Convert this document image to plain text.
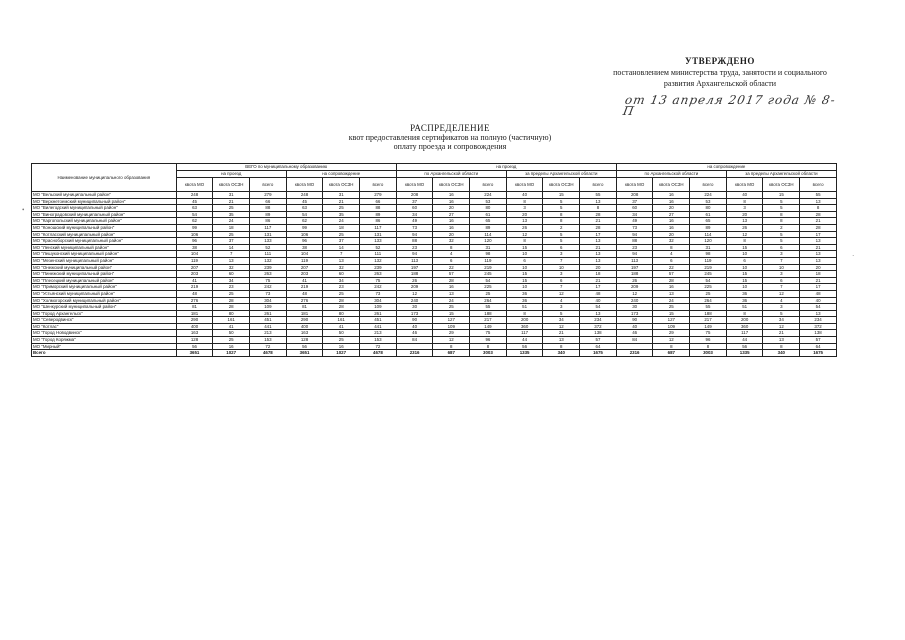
УТВЕРЖДЕНО
постановлением министерства труда, занятости и социального
развития Архангельской области
от 13 апреля 2017 года № 8-П
РАСПРЕДЕЛЕНИЕ
квот предоставления сертификатов на полную (частичную)
оплату проезда и сопровождения
Наименование муниципального образования	ВЕГО по муниципальному образованию						на проезд						на сопровождение					
	на проезд			на сопровождение			по Архангельской области			за пределы Архангельской области			по Архангельской области			за пределы Архангельской области		
	квота МО	квота ОСЗН	всего	квота МО	квота ОСЗН	всего	квота МО	квота ОСЗН	всего	квота МО	квота ОСЗН	всего	квота МО	квота ОСЗН	всего	квота МО	квота ОСЗН	всего
МО "Вельский муниципальный район"	248	31	279	248	31	279	208	16	224	40	15	55	208	16	224	40	15	55
МО "Верхнетоемский муниципальный район"	45	21	66	45	21	66	37	16	53	8	5	13	37	16	53	8	5	13
МО "Вилегодский муниципальный район"	63	25	88	63	25	88	60	20	80	3	5	8	60	20	80	3	5	8
МО "Виноградовский муниципальный район"	54	35	89	54	35	89	34	27	61	20	8	28	34	27	61	20	8	28
МО "Каргопольский муниципальный район"	62	24	86	62	24	86	49	16	65	13	8	21	49	16	65	13	8	21
МО "Коношский муниципальный район"	99	18	117	99	18	117	73	16	89	26	2	28	73	16	89	26	2	28
МО "Котласский муниципальный район"	106	25	131	106	25	131	94	20	114	12	5	17	94	20	114	12	5	17
МО "Красноборский муниципальный район"	96	37	133	96	37	133	88	32	120	8	5	13	88	32	120	8	5	13
МО "Ленский муниципальный район"	38	14	52	38	14	52	23	8	31	15	6	21	23	8	31	15	6	21
МО "Лешуконский муниципальный район"	104	7	111	104	7	111	94	4	98	10	3	13	94	4	98	10	3	13
МО "Мезенский муниципальный район"	119	13	132	119	13	132	113	6	119	6	7	13	113	6	119	6	7	13
МО "Онежский муниципальный район"	207	32	239	207	32	239	197	22	219	10	10	20	197	22	219	10	10	20
МО "Пинежский муниципальный район"	203	60	263	203	60	263	188	57	245	15	3	18	188	57	245	15	3	18
МО "Плесецкий муниципальный район"	41	34	75	41	34	75	26	28	54	15	6	21	26	28	54	15	6	21
МО "Приморский муниципальный район"	219	23	242	219	23	242	209	16	225	10	7	17	209	16	225	10	7	17
МО "Устьянский муниципальный район"	48	25	73	48	25	73	12	13	25	36	12	48	12	13	25	36	12	48
МО "Холмогорский муниципальный район"	276	28	304	276	28	304	240	24	264	36	4	40	240	24	264	36	4	40
МО "Шенкурский муниципальный район"	81	28	109	81	28	109	30	25	55	51	3	54	30	25	55	51	3	54
МО "Город Архангельск"	181	80	261	181	80	261	173	15	188	8	5	13	173	15	188	8	5	13
МО "Северодвинск"	290	161	451	290	161	451	90	127	217	200	34	234	90	127	217	200	34	234
МО "Котлас"	400	41	441	400	41	441	40	109	149	360	12	372	40	109	149	360	12	372
МО "Город Новодвинск"	163	50	213	163	50	213	46	29	75	117	21	138	46	29	75	117	21	138
МО "Город Коряжма"	128	25	153	128	25	153	84	12	96	44	13	57	84	12	96	44	13	57
МО "Мирный"	56	16	72	56	16	72		8	8	56	8	64		8	8	56	8	64
Всего	3651	1027	4678	3651	1027	4678	2316	687	3003	1335	340	1675	2316	687	3003	1335	340	1675
•
·
